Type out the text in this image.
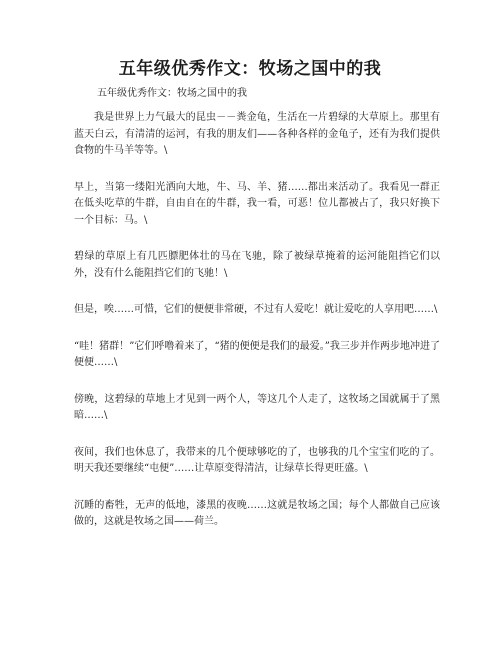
五年级优秀作文：牧场之国中的我
五年级优秀作文：牧场之国中的我

我是世界上力气最大的昆虫－－粪金龟，生活在一片碧绿的大草原上。那里有蓝天白云，有清清的运河，有我的朋友们——各种各样的金龟子，还有为我们提供食物的牛马羊等等。\

早上，当第一缕阳光洒向大地，牛、马、羊、猪……都出来活动了。我看见一群正在低头吃草的牛群，自由自在的牛群，我一看，可恶！位儿都被占了，我只好换下一个目标：马。\

碧绿的草原上有几匹膘肥体壮的马在飞驰，除了被绿草掩着的运河能阻挡它们以外，没有什么能阻挡它们的飞驰！\

但是，唉……可惜，它们的便便非常硬，不过有人爱吃！就让爱吃的人享用吧……\

“哇！猪群！”它们呼噜着来了，“猪的便便是我们的最爱。”我三步并作两步地冲进了便便……\

傍晚，这碧绿的草地上才见到一两个人，等这几个人走了，这牧场之国就属于了黑暗……\

夜间，我们也休息了，我带来的几个便球够吃的了，也够我的几个宝宝们吃的了。明天我还要继续“屯便”……让草原变得清洁，让绿草长得更旺盛。\

沉睡的畜牲，无声的低地，漆黑的夜晚……这就是牧场之国；每个人都做自己应该做的，这就是牧场之国——荷兰。
